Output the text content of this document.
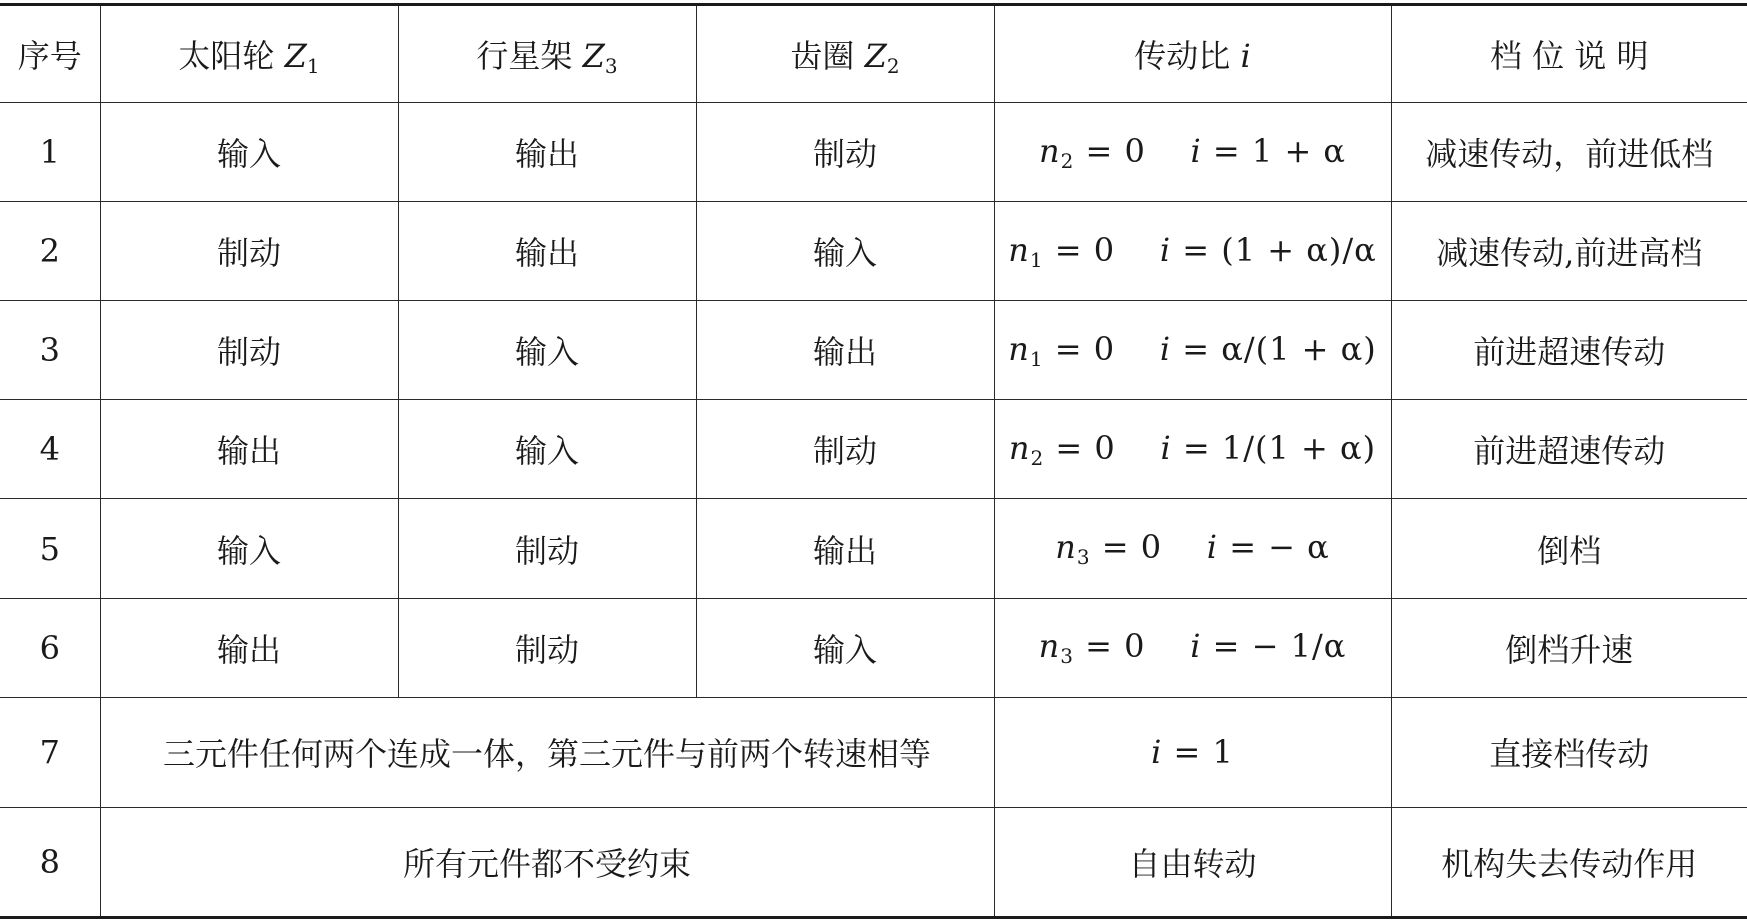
序号	太阳轮 $Z_1$	行星架 $Z_3$	齿圈 $Z_2$	传动比 i	档 位 说 明
1	输入	输出	制动	$n_2 = 0$ i = 1 + α	减速传动，前进低档
2	制动	输出	输入	$n_1 = 0$ i = (1 + α)/α	减速传动,前进高档
3	制动	输入	输出	$n_1 = 0$ i = α/(1 + α)	前进超速传动
4	输出	输入	制动	$n_2 = 0$ i = 1/(1 + α)	前进超速传动
5	输入	制动	输出	$n_3 = 0$ i = − α	倒档
6	输出	制动	输入	$n_3 = 0$ i = − 1/α	倒档升速
7	三元件任何两个连成一体，第三元件与前两个转速相等			i = 1	直接档传动
8	所有元件都不受约束			自由转动	机构失去传动作用
